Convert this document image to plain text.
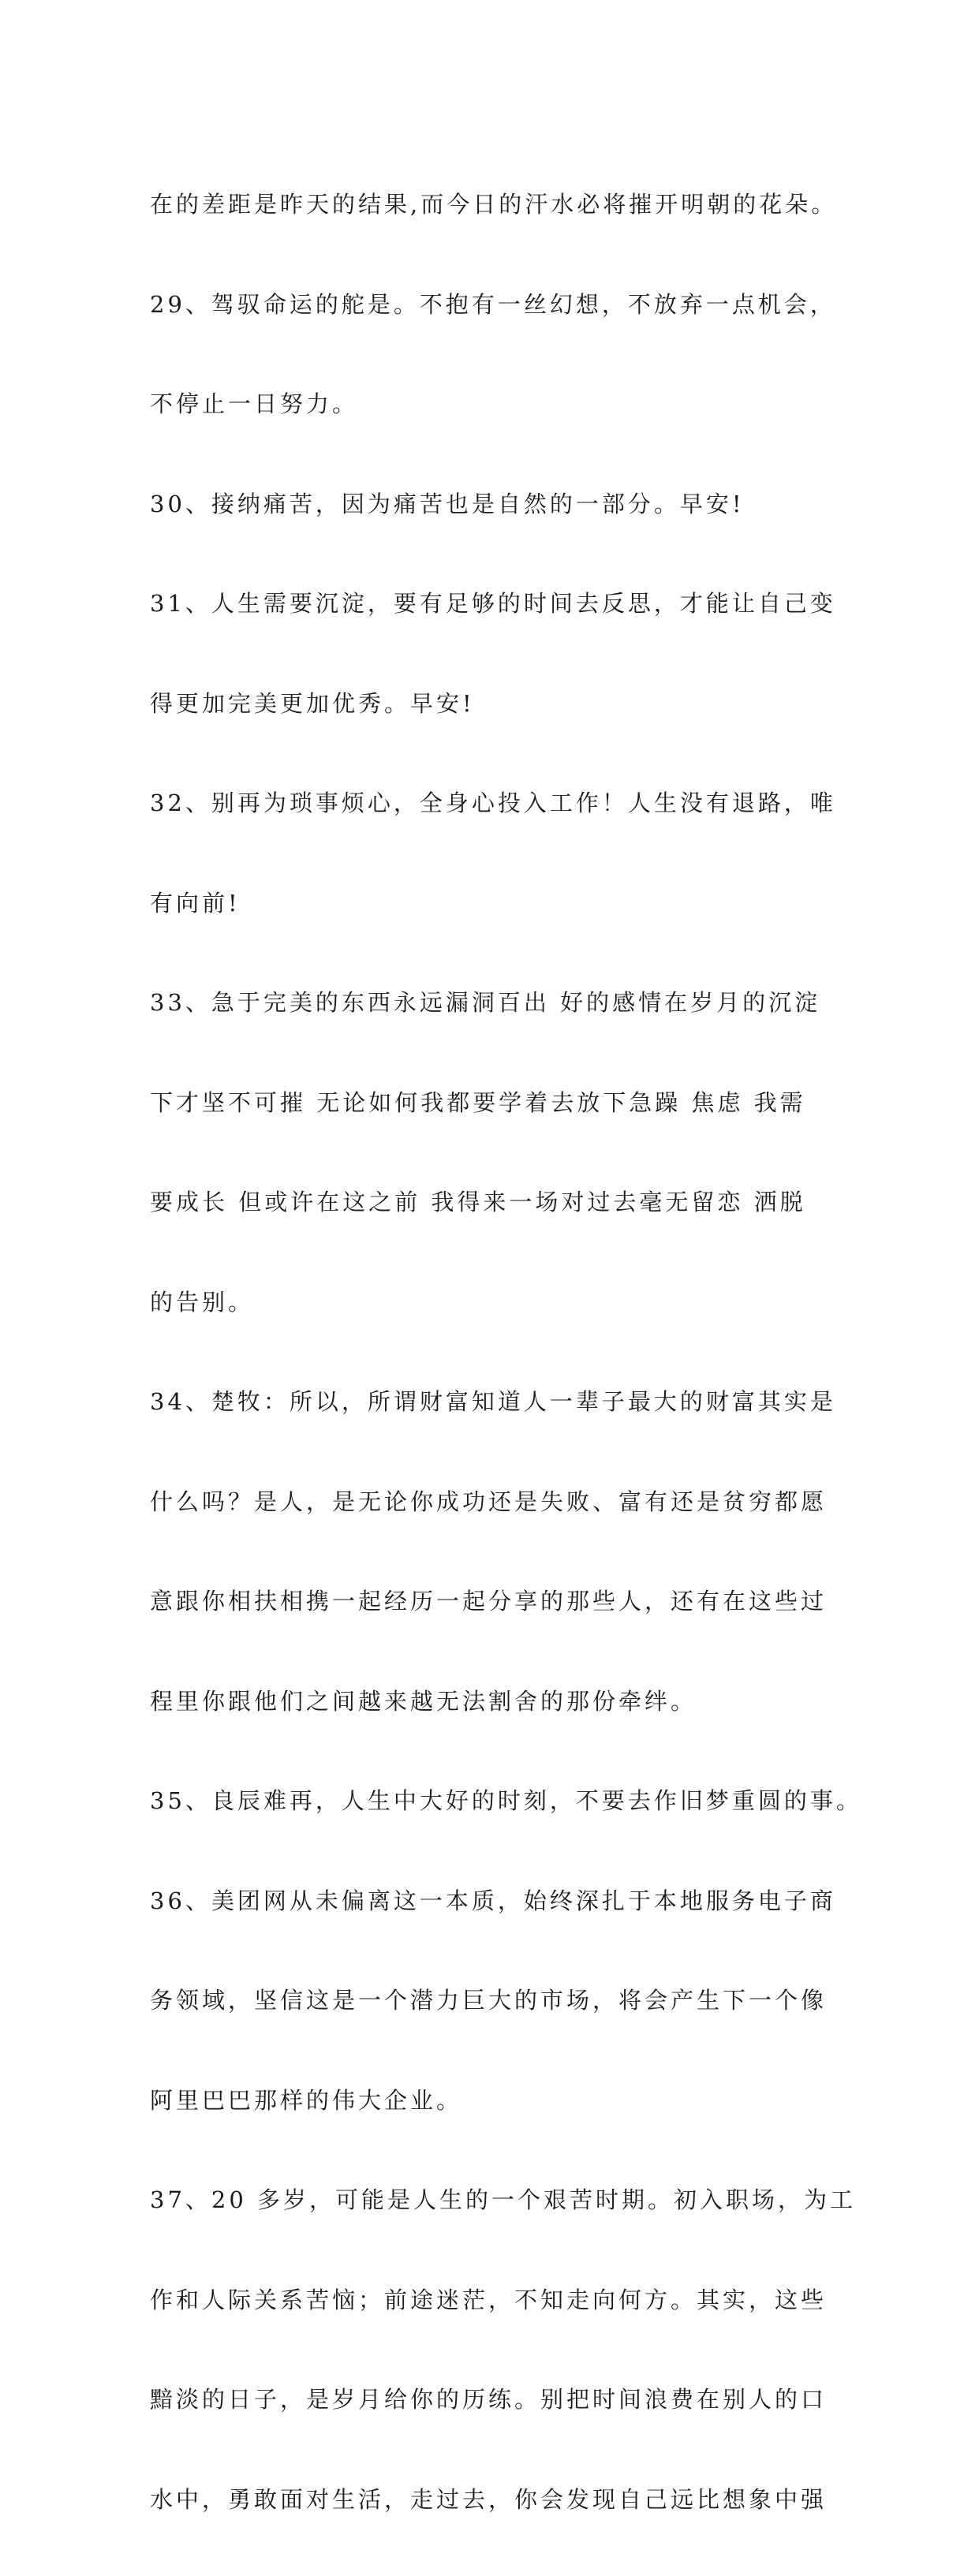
在的差距是昨天的结果,而今日的汗水必将摧开明朝的花朵。

29、驾驭命运的舵是。不抱有一丝幻想，不放弃一点机会，

不停止一日努力。

30、接纳痛苦，因为痛苦也是自然的一部分。早安!

31、人生需要沉淀，要有足够的时间去反思，才能让自己变

得更加完美更加优秀。早安!

32、别再为琐事烦心，全身心投入工作！人生没有退路，唯

有向前!

33、急于完美的东西永远漏洞百出 好的感情在岁月的沉淀

下才坚不可摧 无论如何我都要学着去放下急躁 焦虑 我需

要成长 但或许在这之前 我得来一场对过去毫无留恋 洒脱

的告别。

34、楚牧：所以，所谓财富知道人一辈子最大的财富其实是

什么吗？是人，是无论你成功还是失败、富有还是贫穷都愿

意跟你相扶相携一起经历一起分享的那些人，还有在这些过

程里你跟他们之间越来越无法割舍的那份牵绊。

35、良辰难再，人生中大好的时刻，不要去作旧梦重圆的事。

36、美团网从未偏离这一本质，始终深扎于本地服务电子商

务领域，坚信这是一个潜力巨大的市场，将会产生下一个像

阿里巴巴那样的伟大企业。

37、20 多岁，可能是人生的一个艰苦时期。初入职场，为工

作和人际关系苦恼；前途迷茫，不知走向何方。其实，这些

黯淡的日子，是岁月给你的历练。别把时间浪费在别人的口

水中，勇敢面对生活，走过去，你会发现自己远比想象中强
